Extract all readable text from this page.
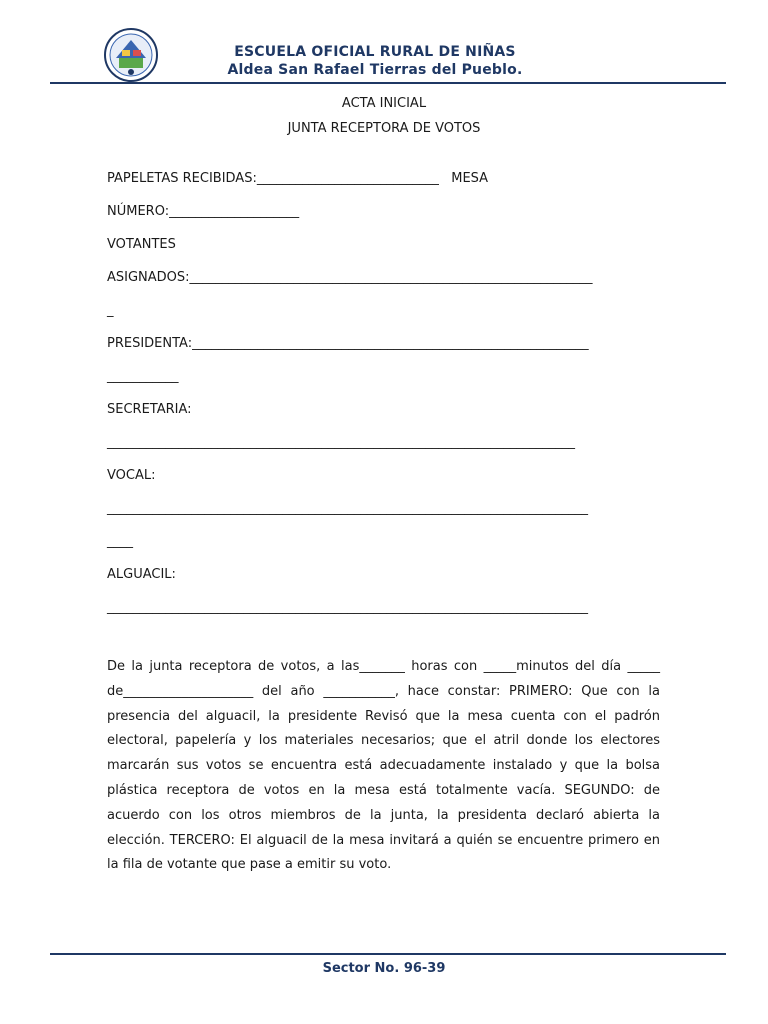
ESCUELA OFICIAL RURAL DE NIÑAS
Aldea San Rafael Tierras del Pueblo.
ACTA INICIAL
JUNTA RECEPTORA DE VOTOS
PAPELETAS RECIBIDAS:____________________________   MESA
NÚMERO:____________________
VOTANTES
ASIGNADOS:______________________________________________________________
_
PRESIDENTA:_____________________________________________________________
___________
SECRETARIA:
________________________________________________________________________
VOCAL:
__________________________________________________________________________
____
ALGUACIL:
__________________________________________________________________________
De la junta receptora de votos, a las_______ horas con _____minutos del día _____ de____________________ del año ___________, hace constar: PRIMERO: Que con la presencia del alguacil, la presidente Revisó que la mesa cuenta con el padrón electoral, papelería y los materiales necesarios; que el atril donde los electores marcarán sus votos se encuentra está adecuadamente instalado y que la bolsa plástica receptora de votos en la mesa está totalmente vacía. SEGUNDO: de acuerdo con los otros miembros de la junta, la presidenta declaró abierta la elección. TERCERO: El alguacil de la mesa invitará a quién se encuentre primero en la fila de votante que pase a emitir su voto.
Sector No. 96-39
